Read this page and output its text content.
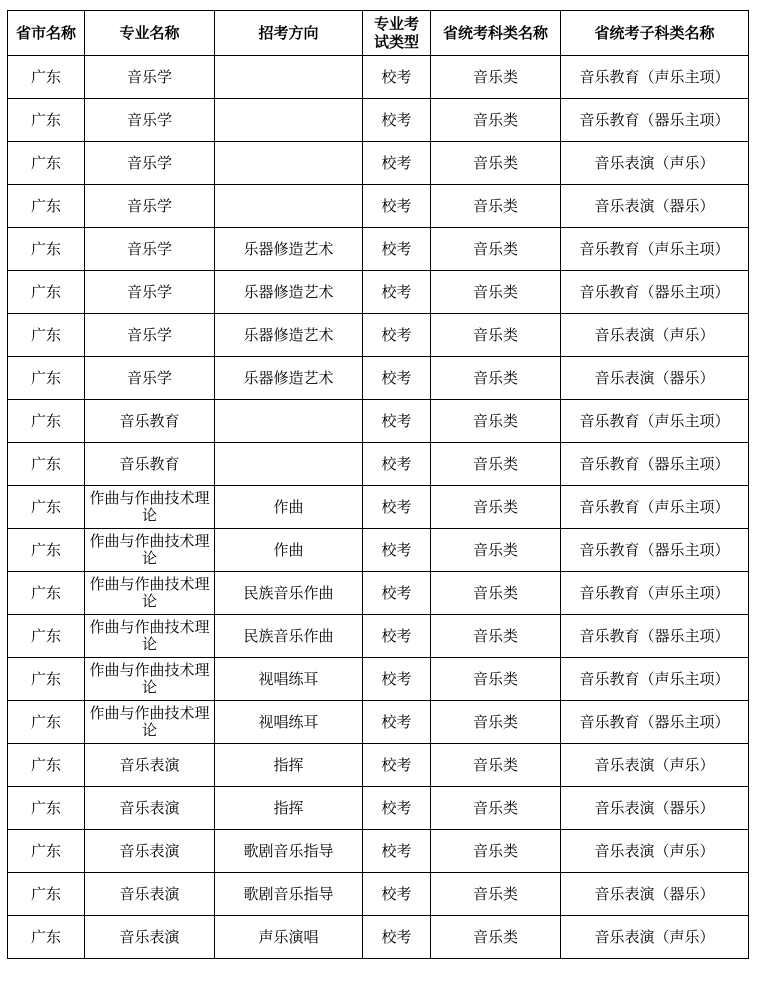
省市名称	专业名称	招考方向	专业考试类型	省统考科类名称	省统考子科类名称
广东	音乐学		校考	音乐类	音乐教育（声乐主项）
广东	音乐学		校考	音乐类	音乐教育（器乐主项）
广东	音乐学		校考	音乐类	音乐表演（声乐）
广东	音乐学		校考	音乐类	音乐表演（器乐）
广东	音乐学	乐器修造艺术	校考	音乐类	音乐教育（声乐主项）
广东	音乐学	乐器修造艺术	校考	音乐类	音乐教育（器乐主项）
广东	音乐学	乐器修造艺术	校考	音乐类	音乐表演（声乐）
广东	音乐学	乐器修造艺术	校考	音乐类	音乐表演（器乐）
广东	音乐教育		校考	音乐类	音乐教育（声乐主项）
广东	音乐教育		校考	音乐类	音乐教育（器乐主项）
广东	作曲与作曲技术理论	作曲	校考	音乐类	音乐教育（声乐主项）
广东	作曲与作曲技术理论	作曲	校考	音乐类	音乐教育（器乐主项）
广东	作曲与作曲技术理论	民族音乐作曲	校考	音乐类	音乐教育（声乐主项）
广东	作曲与作曲技术理论	民族音乐作曲	校考	音乐类	音乐教育（器乐主项）
广东	作曲与作曲技术理论	视唱练耳	校考	音乐类	音乐教育（声乐主项）
广东	作曲与作曲技术理论	视唱练耳	校考	音乐类	音乐教育（器乐主项）
广东	音乐表演	指挥	校考	音乐类	音乐表演（声乐）
广东	音乐表演	指挥	校考	音乐类	音乐表演（器乐）
广东	音乐表演	歌剧音乐指导	校考	音乐类	音乐表演（声乐）
广东	音乐表演	歌剧音乐指导	校考	音乐类	音乐表演（器乐）
广东	音乐表演	声乐演唱	校考	音乐类	音乐表演（声乐）
